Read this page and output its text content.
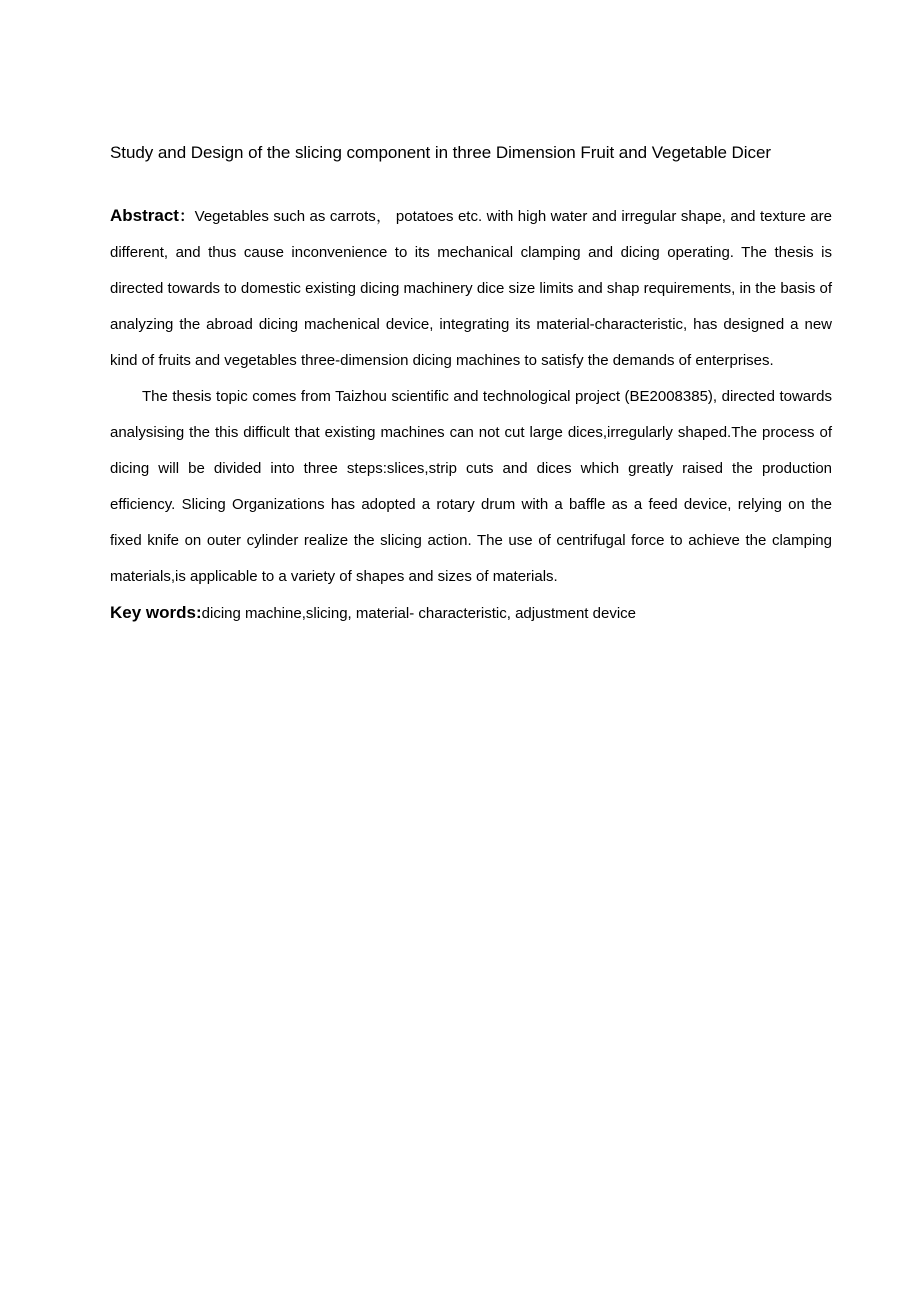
Study and Design of the slicing component in three Dimension Fruit and Vegetable Dicer

Abstract：Vegetables such as carrots， potatoes etc. with high water and irregular shape, and texture are different, and thus cause inconvenience to its mechanical clamping and dicing operating. The thesis is directed towards to domestic existing dicing machinery dice size limits and shap requirements, in the basis of analyzing the abroad dicing machenical device, integrating its material-characteristic, has designed a new kind of fruits and vegetables three-dimension dicing machines to satisfy the demands of enterprises.

The thesis topic comes from Taizhou scientific and technological project (BE2008385), directed towards analysising the this difficult that existing machines can not cut large dices,irregularly shaped.The process of dicing will be divided into three steps:slices,strip cuts and dices which greatly raised the production efficiency. Slicing Organizations has adopted a rotary drum with a baffle as a feed device, relying on the fixed knife on outer cylinder realize the slicing action. The use of centrifugal force to achieve the clamping materials,is applicable to a variety of shapes and sizes of materials.

Key words:dicing machine,slicing, material- characteristic, adjustment device
